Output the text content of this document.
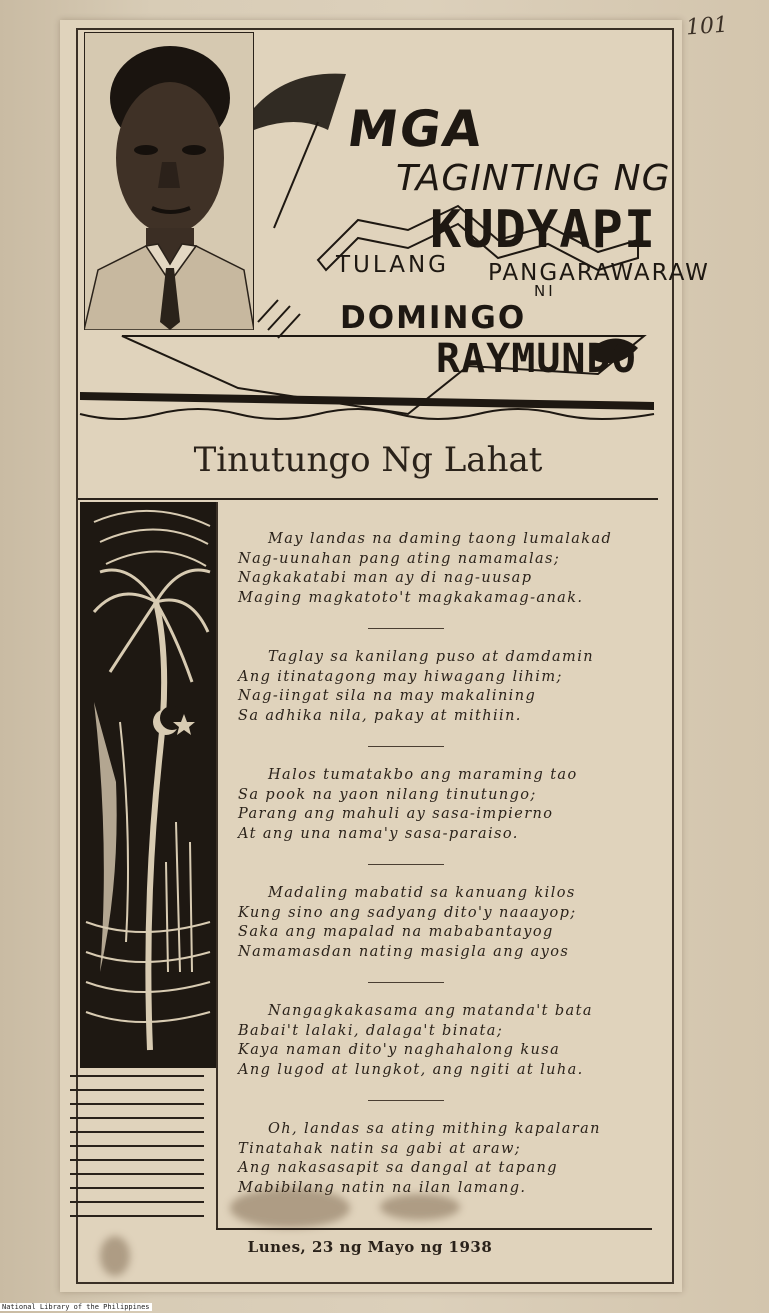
101
MGA
TAGINTING NG
KUDYAPI
TULANG PANGARAWARAW
NI
DOMINGO
RAYMUNDO
Tinutungo Ng Lahat
May landas na daming taong lumalakad
Nag-uunahan pang ating namamalas;
Nagkakatabi man ay di nag-uusap
Maging magkatoto't magkakamag-anak.
Taglay sa kanilang puso at damdamin
Ang itinatagong may hiwagang lihim;
Nag-iingat sila na may makalining
Sa adhika nila, pakay at mithiin.
Halos tumatakbo ang maraming tao
Sa pook na yaon nilang tinutungo;
Parang ang mahuli ay sasa-impierno
At ang una nama'y sasa-paraiso.
Madaling mabatid sa kanuang kilos
Kung sino ang sadyang dito'y naaayop;
Saka ang mapalad na mababantayog
Namamasdan nating masigla ang ayos
Nangagkakasama ang matanda't bata
Babai't lalaki, dalaga't binata;
Kaya naman dito'y naghahalong kusa
Ang lugod at lungkot, ang ngiti at luha.
Oh, landas sa ating mithing kapalaran
Tinatahak natin sa gabi at araw;
Ang nakasasapit sa dangal at tapang
Mabibilang natin na ilan lamang.
Lunes, 23 ng Mayo ng 1938
National Library of the Philippines
